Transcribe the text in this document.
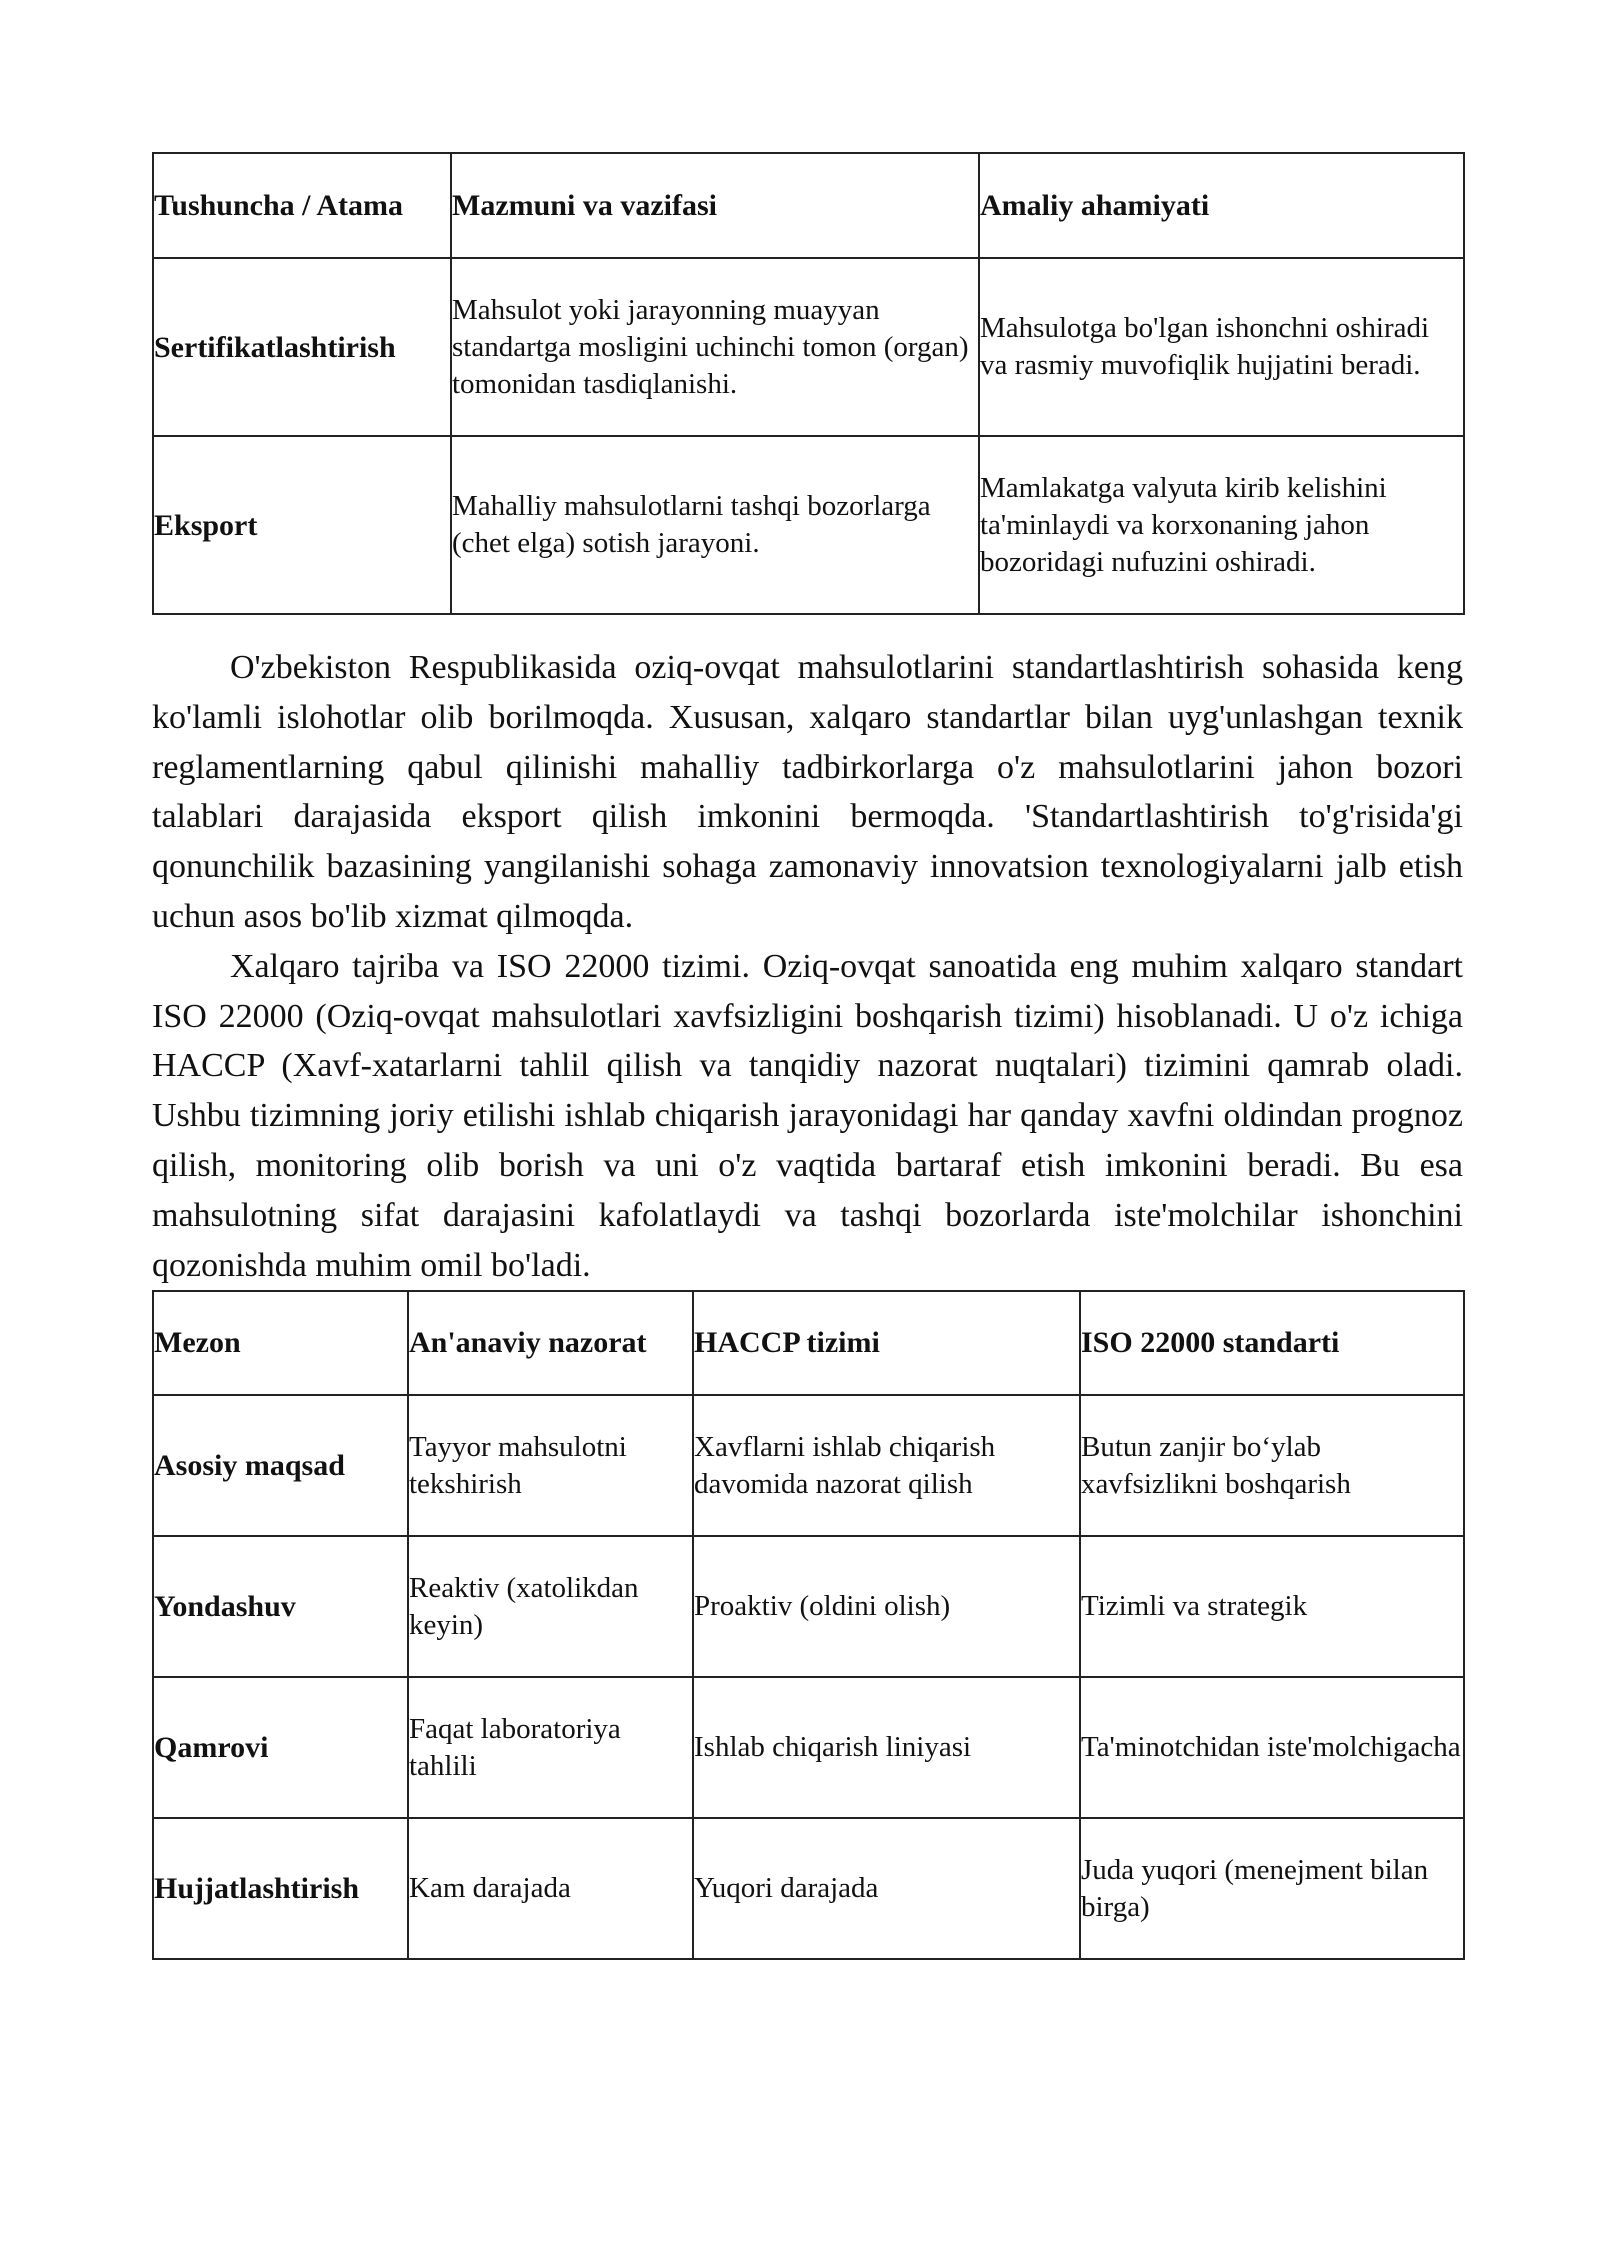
Tushuncha / Atama	Mazmuni va vazifasi	Amaliy ahamiyati
Sertifikatlashtirish	Mahsulot yoki jarayonning muayyan standartga mosligini uchinchi tomon (organ) tomonidan tasdiqlanishi.	Mahsulotga bo'lgan ishonchni oshiradi va rasmiy muvofiqlik hujjatini beradi.
Eksport	Mahalliy mahsulotlarni tashqi bozorlarga (chet elga) sotish jarayoni.	Mamlakatga valyuta kirib kelishini ta'minlaydi va korxonaning jahon bozoridagi nufuzini oshiradi.

O'zbekiston Respublikasida oziq-ovqat mahsulotlarini standartlashtirish sohasida keng ko'lamli islohotlar olib borilmoqda. Xususan, xalqaro standartlar bilan uyg'unlashgan texnik reglamentlarning qabul qilinishi mahalliy tadbirkorlarga o'z mahsulotlarini jahon bozori talablari darajasida eksport qilish imkonini bermoqda. 'Standartlashtirish to'g'risida'gi qonunchilik bazasining yangilanishi sohaga zamonaviy innovatsion texnologiyalarni jalb etish uchun asos bo'lib xizmat qilmoqda.

Xalqaro tajriba va ISO 22000 tizimi. Oziq-ovqat sanoatida eng muhim xalqaro standart ISO 22000 (Oziq-ovqat mahsulotlari xavfsizligini boshqarish tizimi) hisoblanadi. U o'z ichiga HACCP (Xavf-xatarlarni tahlil qilish va tanqidiy nazorat nuqtalari) tizimini qamrab oladi. Ushbu tizimning joriy etilishi ishlab chiqarish jarayonidagi har qanday xavfni oldindan prognoz qilish, monitoring olib borish va uni o'z vaqtida bartaraf etish imkonini beradi. Bu esa mahsulotning sifat darajasini kafolatlaydi va tashqi bozorlarda iste'molchilar ishonchini qozonishda muhim omil bo'ladi.

Mezon	An'anaviy nazorat	HACCP tizimi	ISO 22000 standarti
Asosiy maqsad	Tayyor mahsulotni tekshirish	Xavflarni ishlab chiqarish davomida nazorat qilish	Butun zanjir bo‘ylab xavfsizlikni boshqarish
Yondashuv	Reaktiv (xatolikdan keyin)	Proaktiv (oldini olish)	Tizimli va strategik
Qamrovi	Faqat laboratoriya tahlili	Ishlab chiqarish liniyasi	Ta'minotchidan iste'molchigacha
Hujjatlashtirish	Kam darajada	Yuqori darajada	Juda yuqori (menejment bilan birga)
